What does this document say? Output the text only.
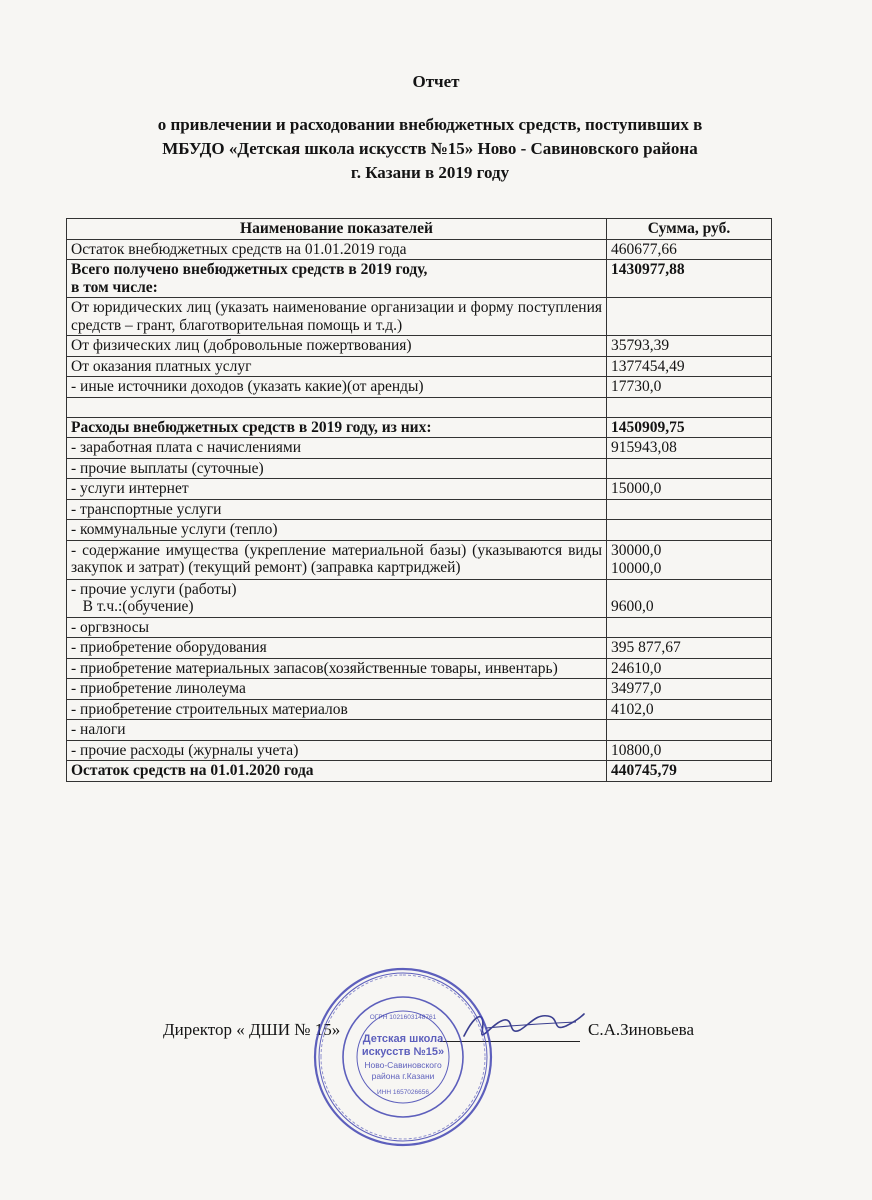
Отчет
о привлечении и расходовании внебюджетных средств, поступивших в
МБУДО «Детская школа искусств №15» Ново - Савиновского района
г. Казани в 2019 году
Наименование показателей	Сумма, руб.
Остаток внебюджетных средств на 01.01.2019 года	460677,66

Всего получено внебюджетных средств в 2019 году,
в том числе:	1430977,88
От юридических лиц (указать наименование организации и форму поступления средств – грант, благотворительная помощь и т.д.)	
От физических лиц (добровольные пожертвования)	35793,39
От оказания платных услуг	1377454,49
- иные источники доходов (указать какие)(от аренды)	17730,0

Расходы внебюджетных средств в 2019 году, из них:	1450909,75
- заработная плата с начислениями	915943,08
- прочие выплаты (суточные)	
- услуги интернет	15000,0
- транспортные услуги	
- коммунальные услуги (тепло)	
- содержание имущества (укрепление материальной базы) (указываются виды закупок и затрат) (текущий ремонт) (заправка картриджей)	30000,0
10000,0

- прочие услуги (работы)
В т.ч.:(обучение)	9600,0
- оргвзносы	
- приобретение оборудования	395 877,67
- приобретение материальных запасов(хозяйственные товары, инвентарь)	24610,0
- приобретение линолеума	34977,0
- приобретение строительных материалов	4102,0
- налоги	
- прочие расходы (журналы учета)	10800,0
Остаток средств на 01.01.2020 года	440745,79
Директор « ДШИ № 15»	С.А.Зиновьева
Детская школа
искусств №15»
Ново-Савиновского
района г.Казани
ИНН 1657026656
ОГРН 1021603148761
